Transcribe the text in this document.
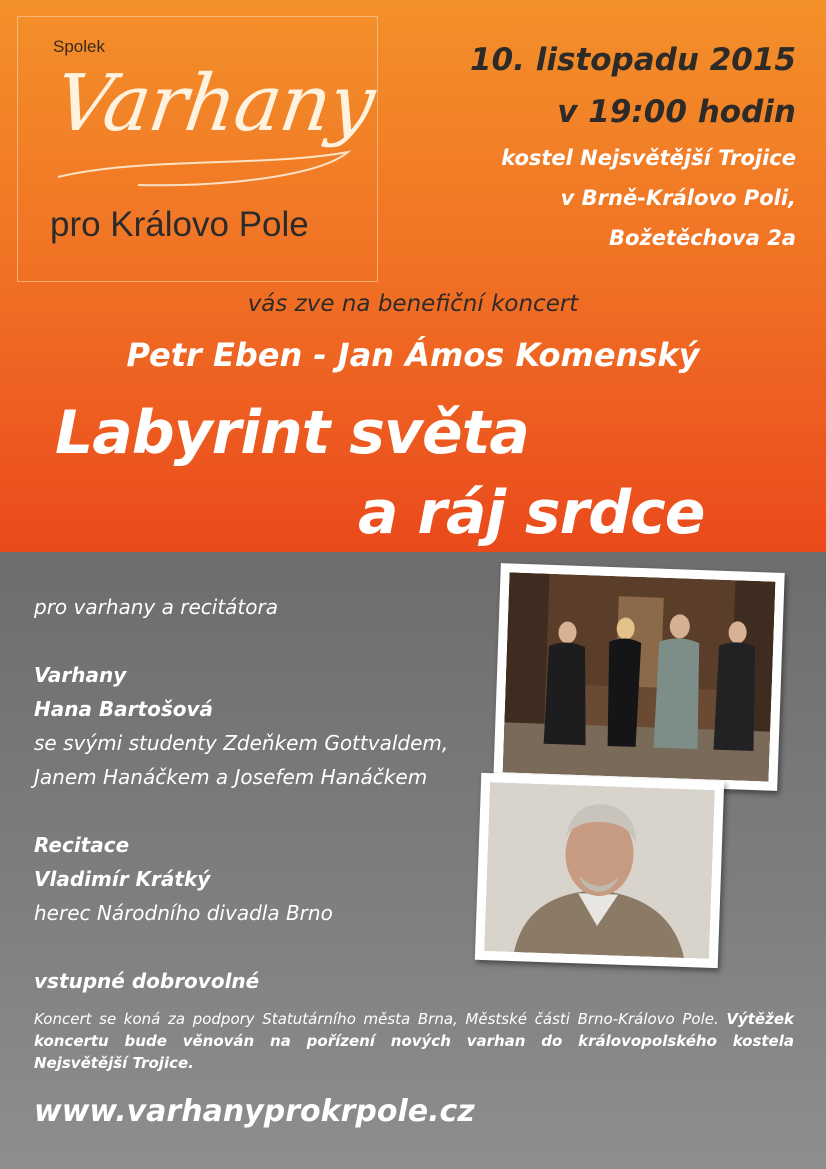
Spolek
Varhany
pro Královo Pole
10. listopadu 2015
v 19:00 hodin
kostel Nejsvětější Trojice
v Brně-Královo Poli,
Božetěchova 2a
vás zve na benefiční koncert
Petr Eben - Jan Ámos Komenský
Labyrint světa
a ráj srdce
pro varhany a recitátora
Varhany
Hana Bartošová
se svými studenty Zdeňkem Gottvaldem,
Janem Hanáčkem a Josefem Hanáčkem
Recitace
Vladimír Krátký
herec Národního divadla Brno
vstupné dobrovolné
Koncert se koná za podpory Statutárního města Brna, Městské části Brno-Královo Pole. Výtěžek koncertu bude věnován na pořízení nových varhan do královopolského kostela Nejsvětější Trojice.
www.varhanyprokrpole.cz
